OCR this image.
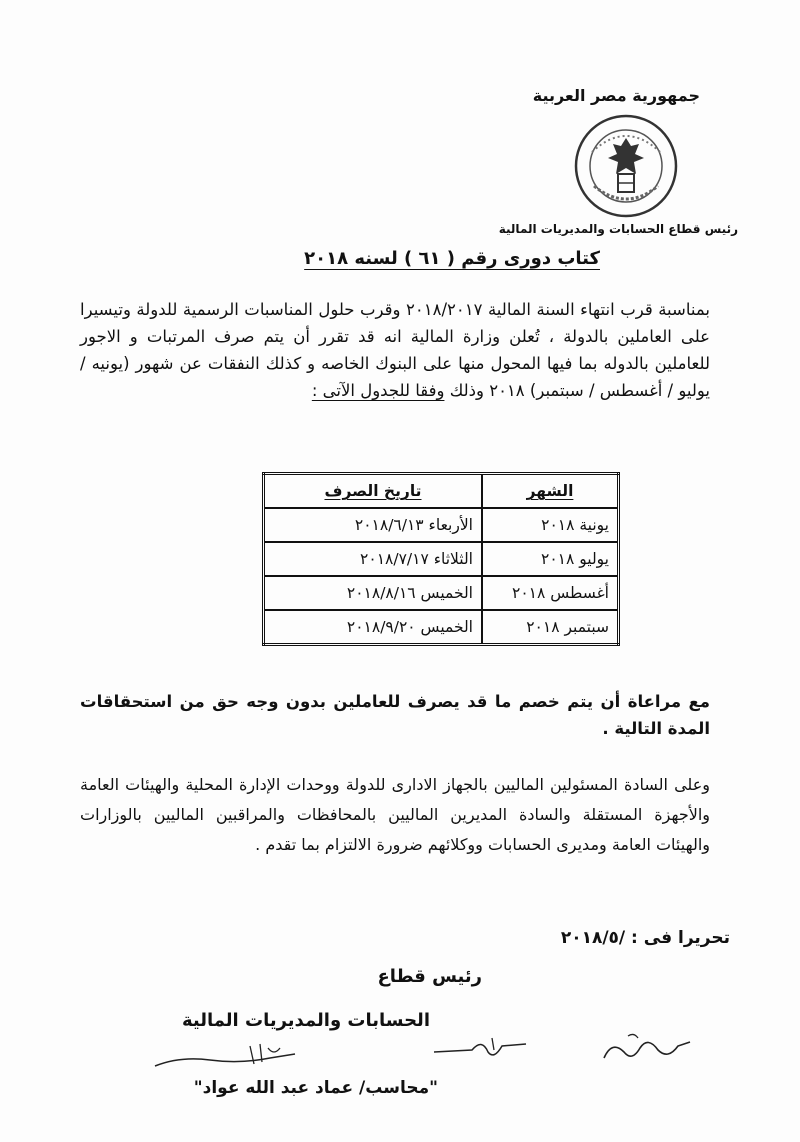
جمهورية مصر العربية
رئيس قطاع الحسابات والمديريات المالية
كتاب دورى رقم ( ٦١ ) لسنه ٢٠١٨
بمناسبة قرب انتهاء السنة المالية ٢٠١٨/٢٠١٧ وقرب حلول المناسبات الرسمية للدولة وتيسيرا على العاملين بالدولة ، تُعلن وزارة المالية انه قد تقرر أن يتم صرف المرتبات و الاجور للعاملين بالدوله بما فيها المحول منها على البنوك الخاصه و كذلك النفقات عن شهور (يونيه / يوليو / أغسطس / سبتمبر) ٢٠١٨ وذلك وفقا للجدول الآتى :
الشهر	تاريخ الصرف
يونية ٢٠١٨	الأربعاء ٢٠١٨/٦/١٣
يوليو ٢٠١٨	الثلاثاء ٢٠١٨/٧/١٧
أغسطس ٢٠١٨	الخميس ٢٠١٨/٨/١٦
سبتمبر ٢٠١٨	الخميس ٢٠١٨/٩/٢٠
مع مراعاة أن يتم خصم ما قد يصرف للعاملين بدون وجه حق من استحقاقات المدة التالية .
وعلى السادة المسئولين الماليين بالجهاز الادارى للدولة ووحدات الإدارة المحلية والهيئات العامة والأجهزة المستقلة والسادة المديرين الماليين بالمحافظات والمراقبين الماليين بالوزارات والهيئات العامة ومديرى الحسابات ووكلائهم ضرورة الالتزام بما تقدم .
تحريرا فى : /٢٠١٨/٥
رئيس قطاع
الحسابات والمديريات المالية
"محاسب/ عماد عبد الله عواد"
